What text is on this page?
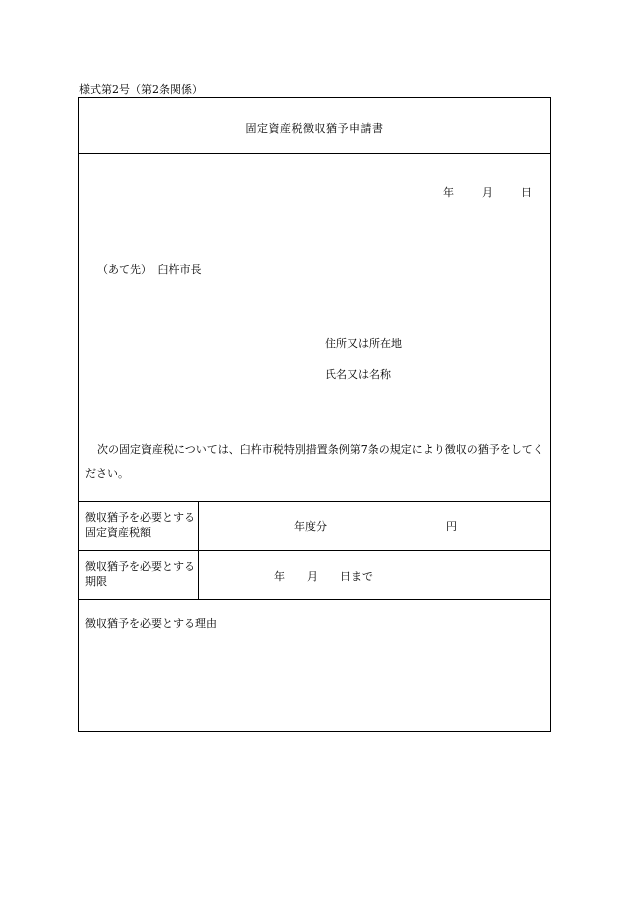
様式第2号（第2条関係）
固定資産税徴収猶予申請書
年	月	日
（あて先）　臼杵市長
住所又は所在地
氏名又は名称
次の固定資産税については、臼杵市税特別措置条例第7条の規定により徴収の猶予をしてください。
徴収猶予を必要とする固定資産税額	年度分	円
徴収猶予を必要とする期限	年　　月　　日まで
徴収猶予を必要とする理由
